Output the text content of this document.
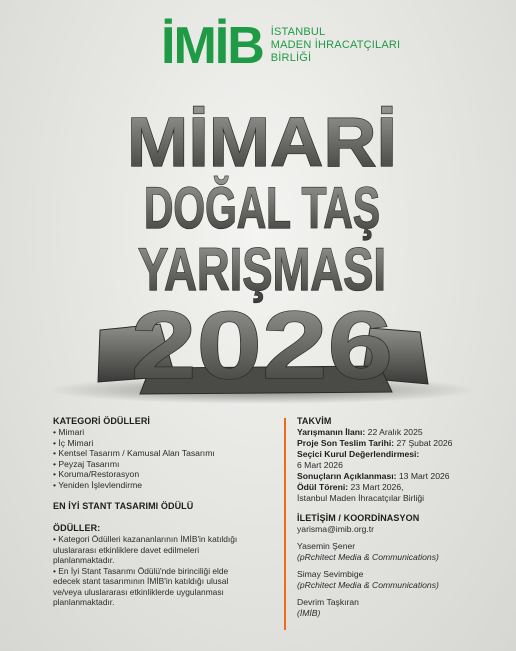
İMİB İSTANBUL
MADEN İHRACATÇILARI
BİRLİĞİ
MİMARİ
DOĞAL TAŞ
YARIŞMASI
2026

KATEGORİ ÖDÜLLERİ

• Mimari

• İç Mimari

• Kentsel Tasarım / Kamusal Alan Tasarımı

• Peyzaj Tasarımı

• Koruma/Restorasyon

• Yeniden İşlevlendirme

EN İYİ STANT TASARIMI ÖDÜLÜ

ÖDÜLLER:

• Kategori Ödülleri kazananlarının İMİB'in katıldığı

uluslararası etkinliklere davet edilmeleri

planlanmaktadır.

• En İyi Stant Tasarımı Ödülü'nde birinciliği elde

edecek stant tasarımının İMİB'in katıldığı ulusal

ve/veya uluslararası etkinliklerde uygulanması

planlanmaktadır.

TAKVİM

Yarışmanın İlanı: 22 Aralık 2025

Proje Son Teslim Tarihi: 27 Şubat 2026

Seçici Kurul Değerlendirmesi:

6 Mart 2026

Sonuçların Açıklanması: 13 Mart 2026

Ödül Töreni: 23 Mart 2026,

İstanbul Maden İhracatçılar Birliği

İLETİŞİM / KOORDİNASYON

yarisma@imib.org.tr

Yasemin Şener

(pRchitect Media & Communications)

Simay Sevimbige

(pRchitect Media & Communications)

Devrim Taşkıran

(İMİB)
